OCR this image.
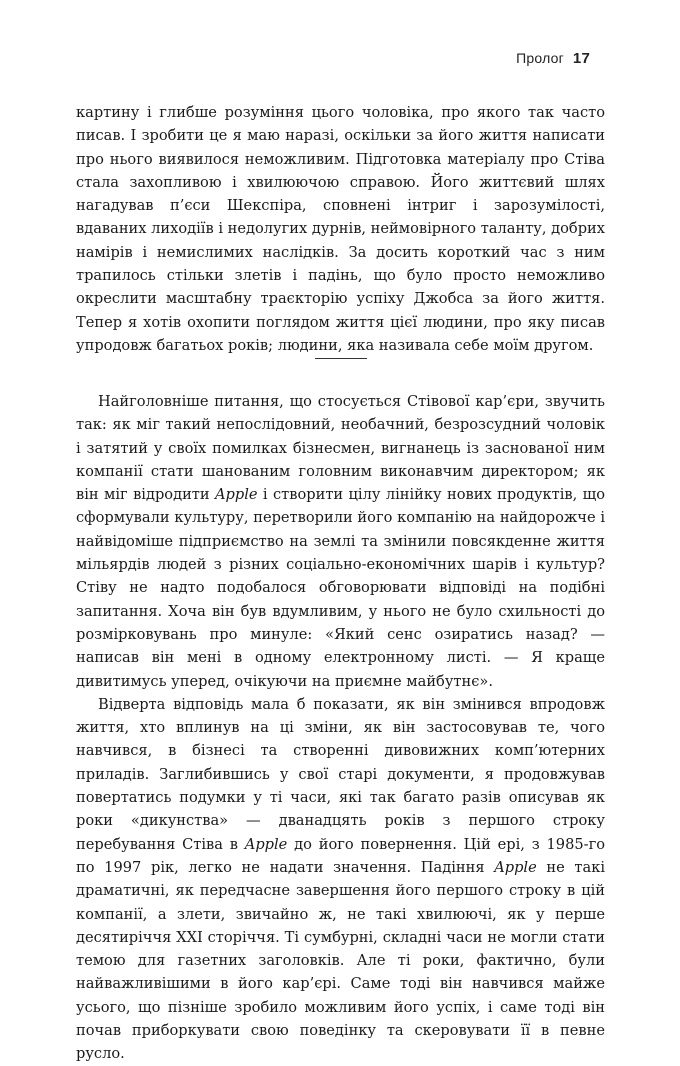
Пролог 17

картину і глибше розуміння цього чоловіка, про якого так часто писав. І зробити це я маю наразі, оскільки за його життя написати про нього виявилося неможливим. Підготовка матеріалу про Стіва стала захопливою і хвилюючою справою. Його життєвий шлях нагадував п’єси Шекспіра, сповнені інтриг і зарозумілості, вдаваних лиходіїв і недолугих дурнів, неймовірного таланту, добрих намірів і немислимих наслідків. За досить короткий час з ним трапилось стільки злетів і падінь, що було просто неможливо окреслити масштабну траєкторію успіху Джобса за його життя. Тепер я хотів охопити поглядом життя цієї людини, про яку писав упродовж багатьох років; людини, яка називала себе моїм другом.

Найголовніше питання, що стосується Стівової кар’єри, звучить так: як міг такий непослідовний, необачний, безрозсудний чоловік і затятий у своїх помилках бізнесмен, вигнанець із заснованої ним компанії стати шанованим головним виконавчим директором; як він міг відродити Apple і створити цілу лінійку нових продуктів, що сформували культуру, перетворили його компанію на найдорожче і найвідоміше підприємство на землі та змінили повсякденне життя мільярдів людей з різних соціально-економічних шарів і культур? Стіву не надто подобалося обговорювати відповіді на подібні запитання. Хоча він був вдумливим, у нього не було схильності до розмірковувань про минуле: «Який сенс озиратись назад? — написав він мені в одному електронному листі. — Я краще дивитимусь уперед, очікуючи на приємне майбутнє».

Відверта відповідь мала б показати, як він змінився впродовж життя, хто вплинув на ці зміни, як він застосовував те, чого навчився, в бізнесі та створенні дивовижних комп’ютерних приладів. Заглибившись у свої старі документи, я продовжував повертатись подумки у ті часи, які так багато разів описував як роки «дикунства» — дванадцять років з першого строку перебування Стіва в Apple до його повернення. Цій ері, з 1985-го по 1997 рік, легко не надати значення. Падіння Apple не такі драматичні, як передчасне завершення його першого строку в цій компанії, а злети, звичайно ж, не такі хвилюючі, як у перше десятиріччя XXI сторіччя. Ті сумбурні, складні часи не могли стати темою для газетних заголовків. Але ті роки, фактично, були найважливішими в його кар’єрі. Саме тоді він навчився майже усього, що пізніше зробило можливим його успіх, і саме тоді він почав приборкувати свою поведінку та скеровувати її в певне русло.
